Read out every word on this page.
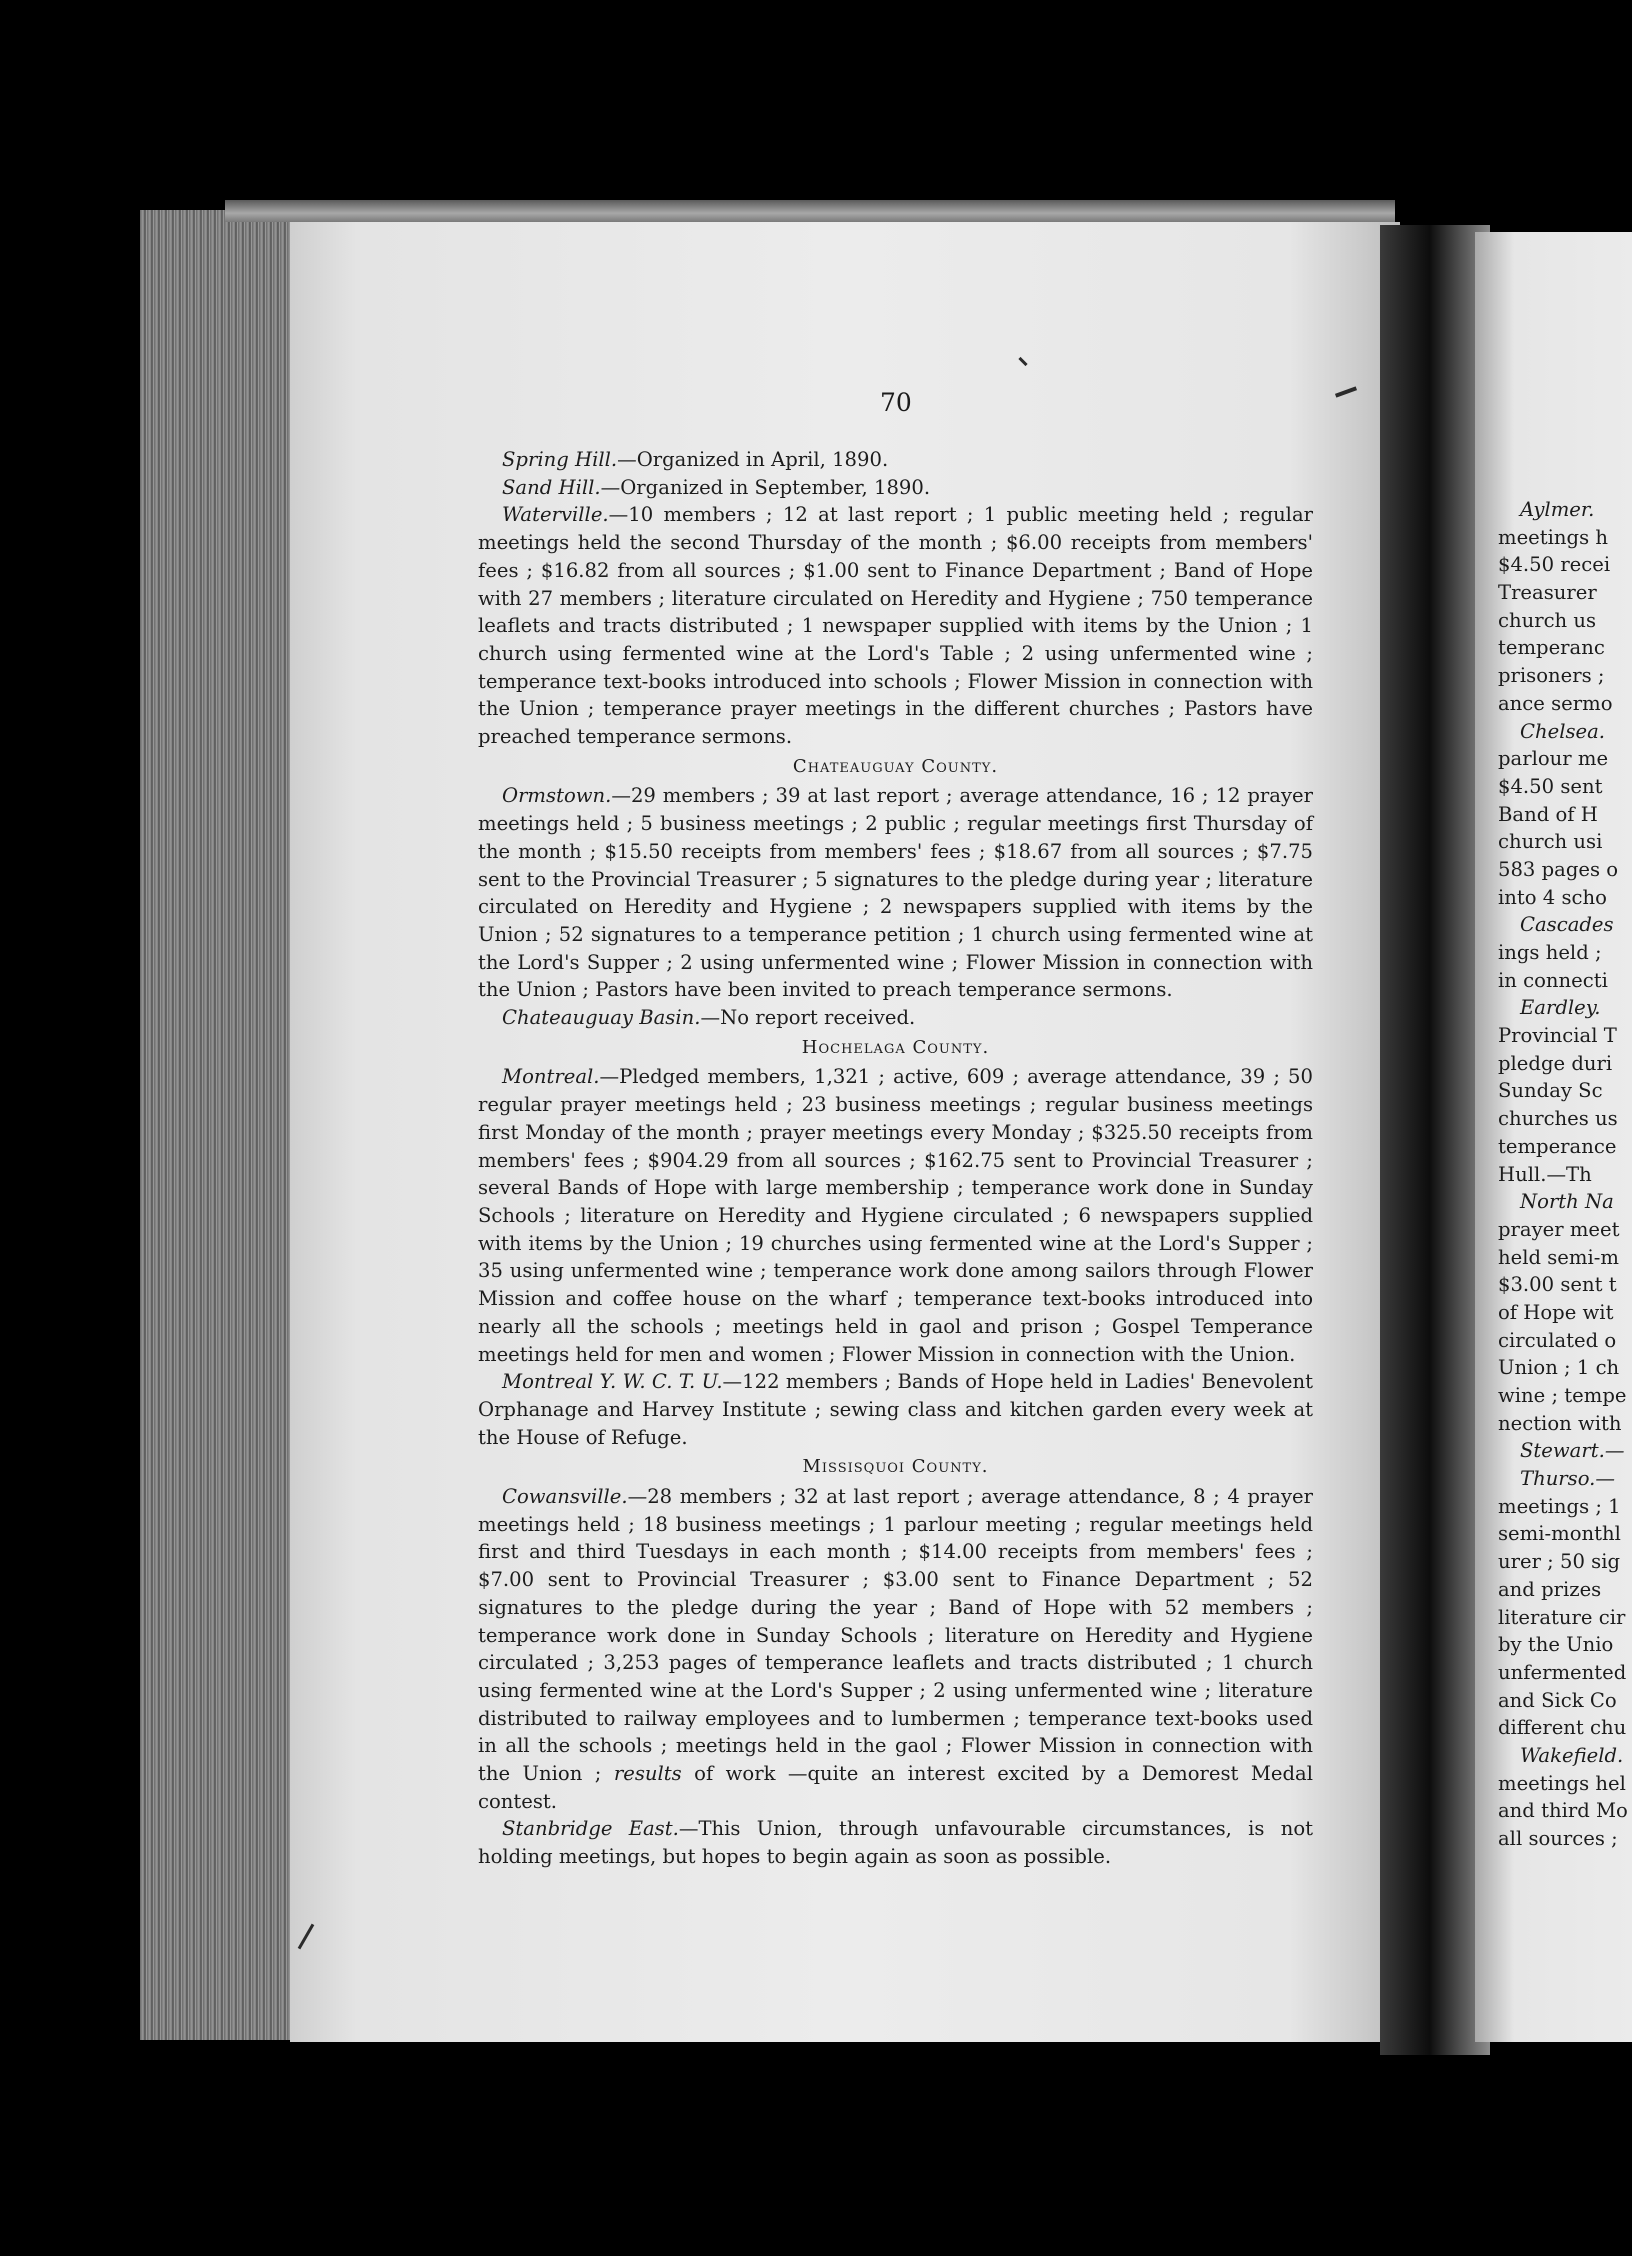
70

Spring Hill.—Organized in April, 1890.

Sand Hill.—Organized in September, 1890.

Waterville.—10 members ; 12 at last report ; 1 public meeting held ; regular meetings held the second Thursday of the month ; $6.00 receipts from members' fees ; $16.82 from all sources ; $1.00 sent to Finance Department ; Band of Hope with 27 members ; literature circulated on Heredity and Hygiene ; 750 temperance leaflets and tracts distributed ; 1 newspaper supplied with items by the Union ; 1 church using fermented wine at the Lord's Table ; 2 using unfermented wine ; temperance text-books introduced into schools ; Flower Mission in connection with the Union ; temperance prayer meetings in the different churches ; Pastors have preached temperance sermons.

Chateauguay County.

Ormstown.—29 members ; 39 at last report ; average attendance, 16 ; 12 prayer meetings held ; 5 business meetings ; 2 public ; regular meetings first Thursday of the month ; $15.50 receipts from members' fees ; $18.67 from all sources ; $7.75 sent to the Provincial Treasurer ; 5 signatures to the pledge during year ; literature circulated on Heredity and Hygiene ; 2 newspapers supplied with items by the Union ; 52 signatures to a temperance petition ; 1 church using fermented wine at the Lord's Supper ; 2 using unfermented wine ; Flower Mission in connection with the Union ; Pastors have been invited to preach temperance sermons.

Chateauguay Basin.—No report received.

Hochelaga County.

Montreal.—Pledged members, 1,321 ; active, 609 ; average attendance, 39 ; 50 regular prayer meetings held ; 23 business meetings ; regular business meetings first Monday of the month ; prayer meetings every Monday ; $325.50 receipts from members' fees ; $904.29 from all sources ; $162.75 sent to Provincial Treasurer ; several Bands of Hope with large membership ; temperance work done in Sunday Schools ; literature on Heredity and Hygiene circulated ; 6 newspapers supplied with items by the Union ; 19 churches using fermented wine at the Lord's Supper ; 35 using unfermented wine ; temperance work done among sailors through Flower Mission and coffee house on the wharf ; temperance text-books introduced into nearly all the schools ; meetings held in gaol and prison ; Gospel Temperance meetings held for men and women ; Flower Mission in connection with the Union.

Montreal Y. W. C. T. U.—122 members ; Bands of Hope held in Ladies' Benevolent Orphanage and Harvey Institute ; sewing class and kitchen garden every week at the House of Refuge.

Missisquoi County.

Cowansville.—28 members ; 32 at last report ; average attendance, 8 ; 4 prayer meetings held ; 18 business meetings ; 1 parlour meeting ; regular meetings held first and third Tuesdays in each month ; $14.00 receipts from members' fees ; $7.00 sent to Provincial Treasurer ; $3.00 sent to Finance Department ; 52 signatures to the pledge during the year ; Band of Hope with 52 members ; temperance work done in Sunday Schools ; literature on Heredity and Hygiene circulated ; 3,253 pages of temperance leaflets and tracts distributed ; 1 church using fermented wine at the Lord's Supper ; 2 using unfermented wine ; literature distributed to railway employees and to lumbermen ; temperance text-books used in all the schools ; meetings held in the gaol ; Flower Mission in connection with the Union ; results of work —quite an interest excited by a Demorest Medal contest.

Stanbridge East.—This Union, through unfavourable circumstances, is not holding meetings, but hopes to begin again as soon as possible.

Aylmer.
meetings h
$4.50 recei
Treasurer
church us
temperanc
prisoners ;
ance sermo
Chelsea.
parlour me
$4.50 sent
Band of H
church usi
583 pages o
into 4 scho
Cascades
ings held ;
in connecti
Eardley.
Provincial T
pledge duri
Sunday Sc
churches us
temperance
Hull.—Th
North Na
prayer meet
held semi-m
$3.00 sent t
of Hope wit
circulated o
Union ; 1 ch
wine ; tempe
nection with
Stewart.—
Thurso.—
meetings ; 1
semi-monthl
urer ; 50 sig
and prizes
literature cir
by the Unio
unfermented
and Sick Co
different chu
Wakefield.
meetings hel
and third Mo
all sources ;
